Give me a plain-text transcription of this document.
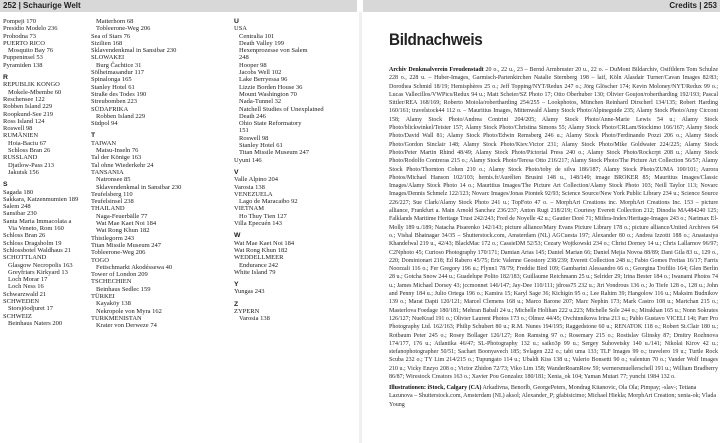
252 | Schaurige Welt	Credits | 253
Pompeji 170
Presidio Modelo 236
Prohodna 73
PUERTO RICO
Mosquito Bay 76
Puppeninsel 53
Pyramiden 138
R
REPUBLIK KONGO
Mokele-Mbembe 60
Reschensee 122
Robben Island 229
Roopkund-See 219
Ross Island 124
Roswell 98
RUMÄNIEN
Hoia-Baciu 67
Schloss Bran 26
RUSSLAND
Djatlow-Pass 213
Jakutsk 156
S
Sagada 180
Sakkara, Katzenmumien 189
Salem 248
Sansibar 230
Santa Maria Immacolata a
Via Veneto, Rom 160
Schloss Bran 26
Schloss Dragsholm 19
Schlossbotel Waldhaus 21
SCHOTTLAND
Glasgow Necropolis 163
Greyfriars Kirkyard 13
Loch Morar 17
Loch Ness 16
Schwarzwald 21
SCHWEDEN
Storsjöodjuret 17
SCHWEIZ
Beinhaus Naters 200
Matterhorn 68
Tobleerone-Weg 206
Sea of Stars 76
Sizilien 168
Sklavendenkmal in Sansibar 230
SLOWAKEI
Burg Čachtice 31
Sölheimasandur 117
Spinalonga 165
Stanley Hotel 61
Straße des Todes 190
Streubomben 223
SÜDAFRIKA
Robben Island 229
Südpol 94
T
TAIWAN
Matsu-Inseln 76
Tal der Könige 163
Tal ohne Wiederkehr 24
TANSANIA
Natronsee 85
Sklavendenkmal in Sansibar 230
Teufelsberg 110
Teufelsinsel 238
THAILAND
Naga-Feuerbälle 77
Wat Mae Kaet Noi 184
Wat Rong Khun 182
Thistlegorm 243
Titan Missile Museum 247
Tobleerone-Weg 206
TOGO
Fetischmarkt Akodéssewa 40
Tower of London 209
TSCHECHIEN
Beinhaus Sedlec 159
TÜRKEI
Kayaköy 138
Nekropole von Myra 162
TURKMENISTAN
Krater von Derweze 74
U
USA
Centralia 101
Death Valley 199
Hexenprozesse von Salem
248
Hooper 98
Jacobs Well 102
Lake Berryessa 96
Lizzie Borden House 36
Mount Washington 70
Nada-Tunnel 32
Natchell Studies of Unexplained
Death 246
Ohio State Reformatory
151
Roswell 98
Stanley Hotel 61
Titan Missile Museum 247
Uyuni 146
V
Valle Alpino 204
Varosia 138
VENEZUELA
Lago de Maracaibo 92
VIETNAM
Ho Thuy Tien 127
Villa Epecuén 143
W
Wat Mae Kaet Noi 184
Wat Rong Khun 182
WEDDELLMEER
Endurance 242
White Island 79
Y
Yungas 243
Z
ZYPERN
Varosia 138
Bildnachweis
Archiv Denkmalverein Freudenstadt 20 o., 22 u., 23 – Bernd Armbruster 20 u., 22 o. – DuMont Bildarchiv, Ostfildern Tom Schulze 228 o., 228 u. – Huber-Images, Garmisch-Partenkirchen Natalie Sternberg 198 – laif, Köln Alasdair Turner/Cavan Images 82/83; Dorothea Schmid 18/19; Hemisphères 25 o.; Jeff Topping/NYT/Redux 247 o.; Jörg Glöscher 174; Kevin Moloney/NYT/Redux 99 o.; Lucas Vallecillos/VWPics/Redux 94 u.; Matt Scheier/SZ Photo 17; Otto Oberhuber 130; Olivier Goujon/robertharding 192/193; Pascal Sittler/REA 168/169; Roberto Moiola/robertharding 254/255 – Lookphotos, München Reinhard Dirscherl 134/135; Robert Harding 160/161; travelstock44 112 o. – Mauritius Images, Mittenwald Alamy Stock Photo/Alpineguide 235; Alamy Stock Photo/Amy Cicconi 158; Alamy Stock Photo/Andrea Contrini 204/205; Alamy Stock Photo/Anne-Marie Lewis 54 u.; Alamy Stock Photo/blickwinkel/Teister 157; Alamy Stock Photo/Christina Simons 55; Alamy Stock Photo/CRLam/Stockimo 166/167; Alamy Stock Photo/David Wall 81; Alamy Stock Photo/Edwin Remsberg 246 u.; Alamy Stock Photo/Ferdinando Pozzi 206 o.; Alamy Stock Photo/Gordon Sinclair 148; Alamy Stock Photo/Kiev.Victor 231; Alamy Stock Photo/Mike Goldwater 224/225; Alamy Stock Photo/Peter Martin Rhind 48/49; Alamy Stock Photo/Pictorial Press 240 o.; Alamy Stock Photo/Rockcrpt 208 u.; Alamy Stock Photo/Rodolfo Contreras 215 o.; Alamy Stock Photo/Teresa Otto 216/217; Alamy Stock Photo/The Picture Art Collection 56/57; Alamy Stock Photo/Thornton Cohen 210 o.; Alamy Stock Photo/toby de silva 186/187; Alamy Stock Photo/ZUMA 100/101; Aurora Photos/Michael Hanson 102/103; hemis.fr/Aurélien Brusini 148 u., 148/149; image BROKER 85; Mauritius Images/Classic Images/Alamy Stock Photo 14 o.; Mauritius Images/The Picture Art Collection/Alamy Stock Photo 103; Neill Taylor 113; Novarc Images/Dennis Schmelz 122/123; Novarc Images/Jonas Piontek 92/93; Science Source/New York Public Library 234 u.; Science Source 226/227; Sue Clark/Alamy Stock Photo 241 u.; TopFoto 47 o. – MorphArt Creations inc. MorphArt Creations Inc. 153 – picture alliance, Frankfurt a. Main Arnold Sanchez 236/237; Anton Rugi 218/219; Courtesy Everett Collection 212; Dinodia MA484240 125; Falklands Maritime Heritage Trust 242/243; Fred de Noyelle 42 u.; Gautier Doré 71; Mithra-Index/Heritage-Images 243 o.; Narimax El-Molly 189 u./189; Natacha Pisarenko 142/143; picture alliance/Mary Evans Picture Library 178 o.; picture alliance/United Archives 64 o.; Vishal Bhatnagar 34/35 – Shutterstock.com, Amsterdam (NL) AGCuesta 197; Alexander 80 o.; Andrea Izzotti 188 o.; Anastasiya Khandelwal 219 u., 42/43; BlackMac 172 o.; CassieDM 52/53; Cezary Wojtkowski 234 o.; Christ Dorney 14 u.; Chris Lallarnov 96/97; C2Nphoto 45; Curioso Photography 170/171; Damian Arias 145; Daniel Marian 66; Daniel Mejia Novoa 88/89; Dani Gila 83 u., 129 o., 220; Dominionart 218; Ed Rabero 45/75; Eric Valenne Geostory 238/239; Everett Collection 248 u.; Fabio Gomes Freitas 16/17; Farris Noorzali 116 o.; Fer Gregory 196 u.; Flynn1 78/79; Freddie Bird 109; Gambarini Alessandro 66 o.; Georgina Trofilio 164; Glen Berlin 28 u.; Gotcha Snow 244 u.; Guadelupe Polito 182/183; Guillaume Reichmann 25 u.; Selrider 29; Irina Bester 184 o.; Iwanami Photos 74 u.; James Michael Dorsey 43; jccmonnet 146/147; Jay-Dee 110/111; jdross75 232 u.; Jiri Vondrous 136 o.; Jo Tiefe 128 o., 128 u.; John and Penny 184 u.; Julio Ortega 196 o.; Kamira 15; Karyl Sage 36; Kichigin 95 o.; Lee Rahim 39; Hangolow 116 u.; Maksim Budnikov 139 o.; Marat Dapti 120/121; Marcel Clemens 168 u.; Marco Barone 207; Marc Nephin 173; Mark Castro 108 u.; Martchan 215 o.; Masterlova Foedage 180/181; Mehran Babali 24 u.; Michelle Holihan 222 u.223; Michelle Sole 244 o.; Mirakhan 165 u.; Nonn Sokrates 126/127; NueKrad 191 o.; Olivier Laurent Photos 173 o.; Olmez 44/45; Ovchinnikova Irina 213 u.; Pablo Gustavo VICELI 14i; Parr Pro Photography Ltd. 162/163; Philip Schubert 80 u.; R.M. Nunes 194/195; Raggedstone 60 u.; RENATOK 118 o.; Robert St.Clair 180 u.; Rotbaum Peter 245 o.; Rosey Bollager 126/127; Ron Ramsing 97 o.; Rosemary 215 o.; Rostislav Glinsky 87; Dmitry Rozhnova 174/177, 176 u.; Atlantika 46/47; SL-Photography 132 u.; saiko3p 99 u.; Sergey Suhovetsky 140 u./141; Nikolai Kirov 42 u.; stefanophotographer 50/51; Sachart Boonyavech 185; Svlagen 222 o.; tabi uma 133; TLF Images 99 o.; travelero 19 u.; Turtle Rock Scuba 232 o.; TY Lim 214/215 o.; Tupungato 114 u.; Ubaldi Kiss 138 u.; Valerio Bonsetti 90 o.; valentun 70 o.; Vander Wolf Images 210 u.; Vicky Enzyo 208 o.; Victor Zhidon 72/73; Viko Lim 158; WanderRoamRow 59; wernersmuellerschell 191 u.; William Bradberry 86/87; Wirestock Creators 163 o.; Xavier Pou Gonzalez 180/181; Xenia_ok 104; Yaman Mutari 77; yunchi 1984 132 o.
Illustrationen: iStock, Calgary (CA) Arkadivna, Benorlb, GeorgePeters, Mondrag Kitanovic, Ola Ola; Pimpay; -slav-; Tetiana Lazunova – Shutterstock.com, Amsterdam (NL) aksol; Alexander_P; gfabisicimo; Michael Hiekla; MorphArt Creation; xenia-ok; Vlada Young
